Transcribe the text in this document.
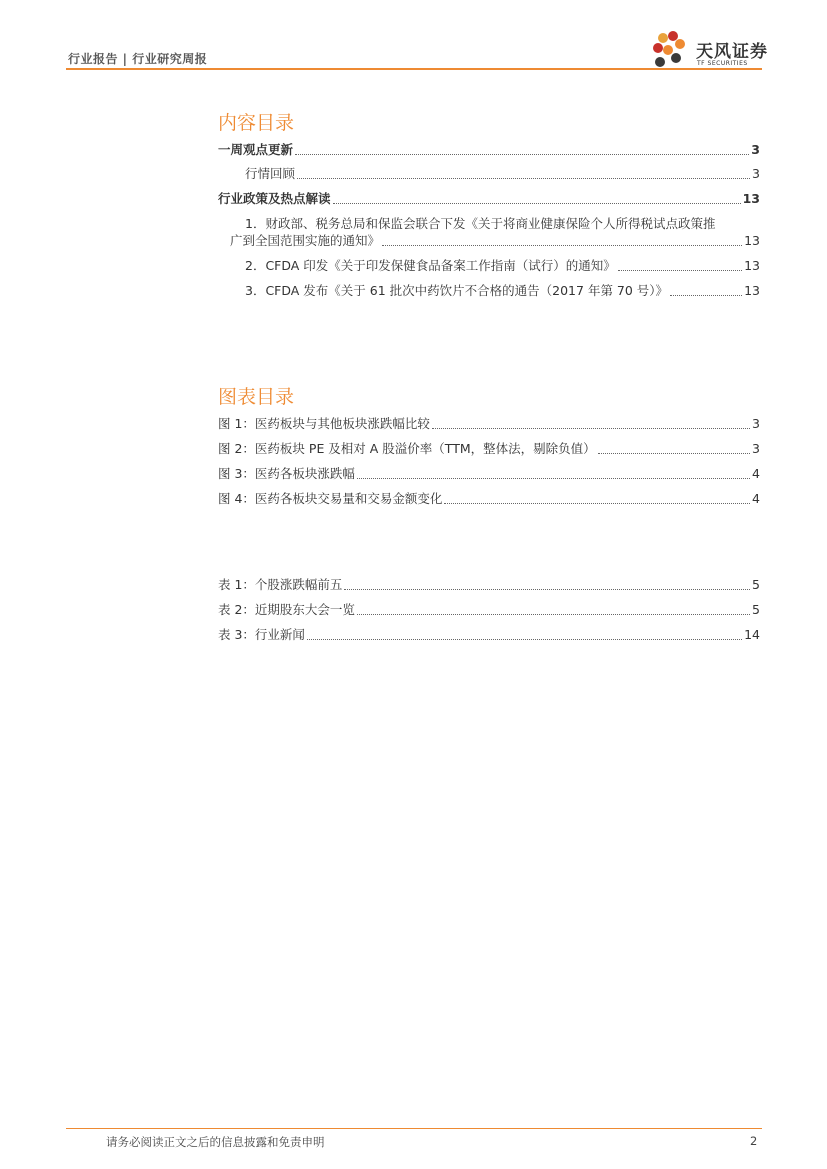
行业报告 | 行业研究周报	天风证券
TF SECURITIES
内容目录
一周观点更新	3
行情回顾	3
行业政策及热点解读	13
1．财政部、税务总局和保监会联合下发《关于将商业健康保险个人所得税试点政策推
广到全国范围实施的通知》	13
2．CFDA 印发《关于印发保健食品备案工作指南（试行）的通知》	13
3．CFDA 发布《关于 61 批次中药饮片不合格的通告（2017 年第 70 号）》	13
图表目录
图 1：医药板块与其他板块涨跌幅比较	3
图 2：医药板块 PE 及相对 A 股溢价率（TTM，整体法，剔除负值）	3
图 3：医药各板块涨跌幅	4
图 4：医药各板块交易量和交易金额变化	4
表 1：个股涨跌幅前五	5
表 2：近期股东大会一览	5
表 3：行业新闻	14
请务必阅读正文之后的信息披露和免责申明	2
